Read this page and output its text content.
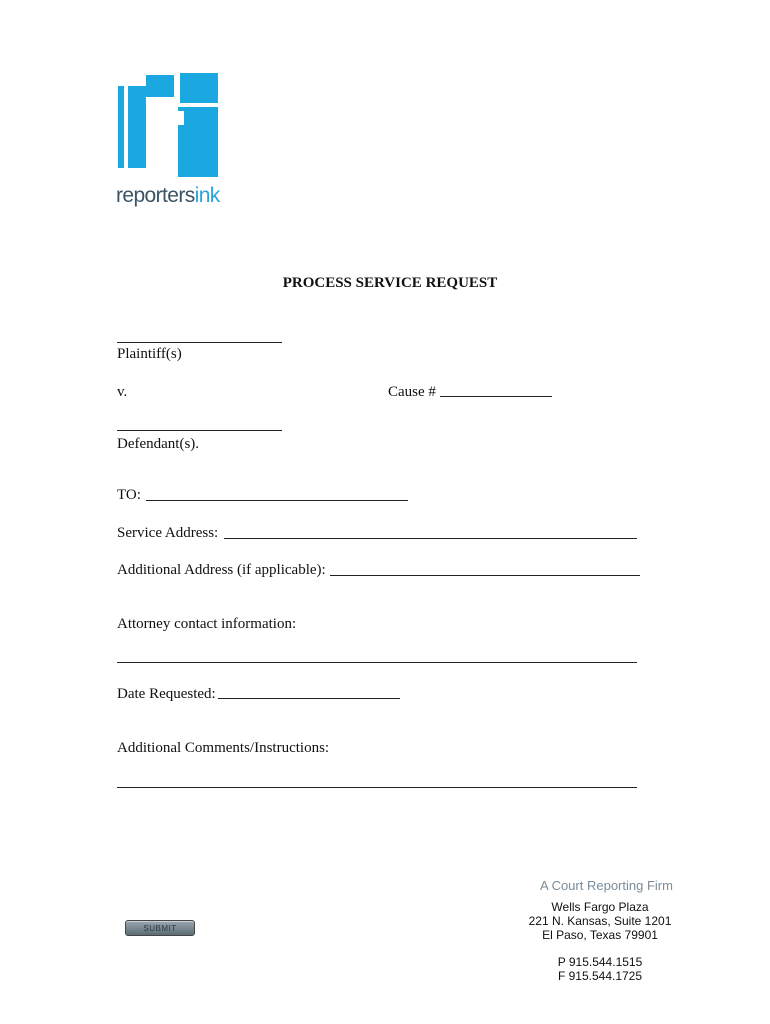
reportersink
PROCESS SERVICE REQUEST
Plaintiff(s)
v.	Cause #
Defendant(s).
TO:
Service Address:
Additional Address (if applicable):
Attorney contact information:
Date Requested:
Additional Comments/Instructions:
A Court Reporting Firm
Wells Fargo Plaza
221 N. Kansas, Suite 1201
El Paso, Texas 79901
P 915.544.1515
F 915.544.1725
SUBMIT
